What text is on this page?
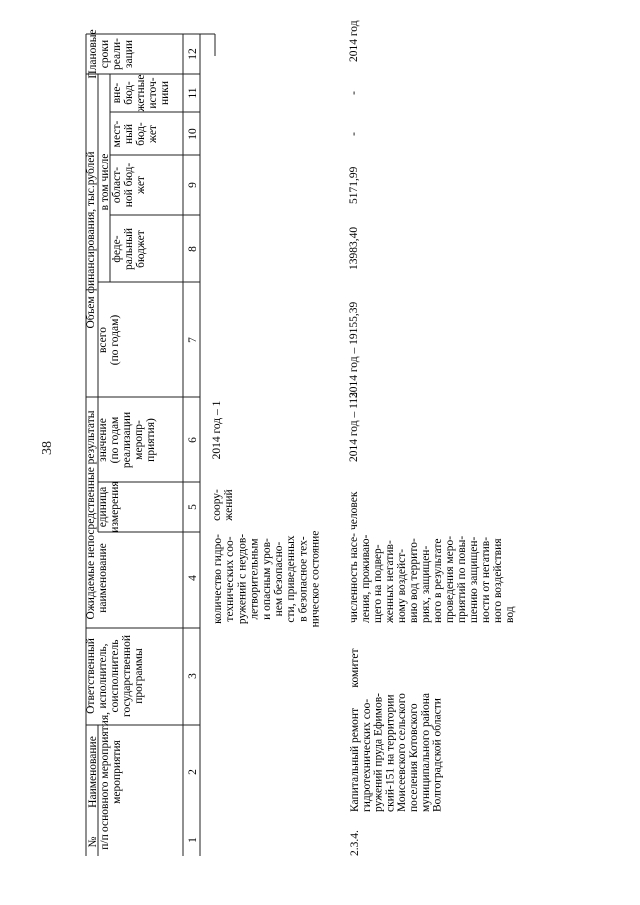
38
№ п/п
Наименование основного мероприятия, мероприятия
Ответственный исполнитель, соисполнитель государственной программы
Ожидаемые непосредственные результаты наименование
единица измерения
значение (по годам реализации меропр- приятия)
Объем финансирования, тыс.рублей
всего (по годам)
в том числе
феде- ральный бюджет
област- ной бюд- жет
мест- ный бюд- жет
вне- бюд- жетные источ- ники
Плановые сроки реали- зации
1
2
3
4
5
6
7
8
9
10
11
12
количество гидро- технических соо- ружений с неудов- летворительным и опасным уров- нем безопасно- сти, приведенных в безопасное тех- ническое состояние
соору- жений
2014 год – 1
2.3.4.
Капитальный ремонт гидротехнических соо- ружений пруда Ефимов- ский-151 на территории Моисеевского сельского поселения Котовского муниципального района Волгоградской области
комитет
численность насе- ления, проживаю- щего на подвер- женных негатив- ному воздейст- вию вод террито- риях, защищен- ного в результате проведения меро- приятий по повы- шению защищен- ности от негатив- ного воздействия вод
человек
2014 год – 113
2014 год – 19155,39
13983,40
5171,99
-
-
2014 год
